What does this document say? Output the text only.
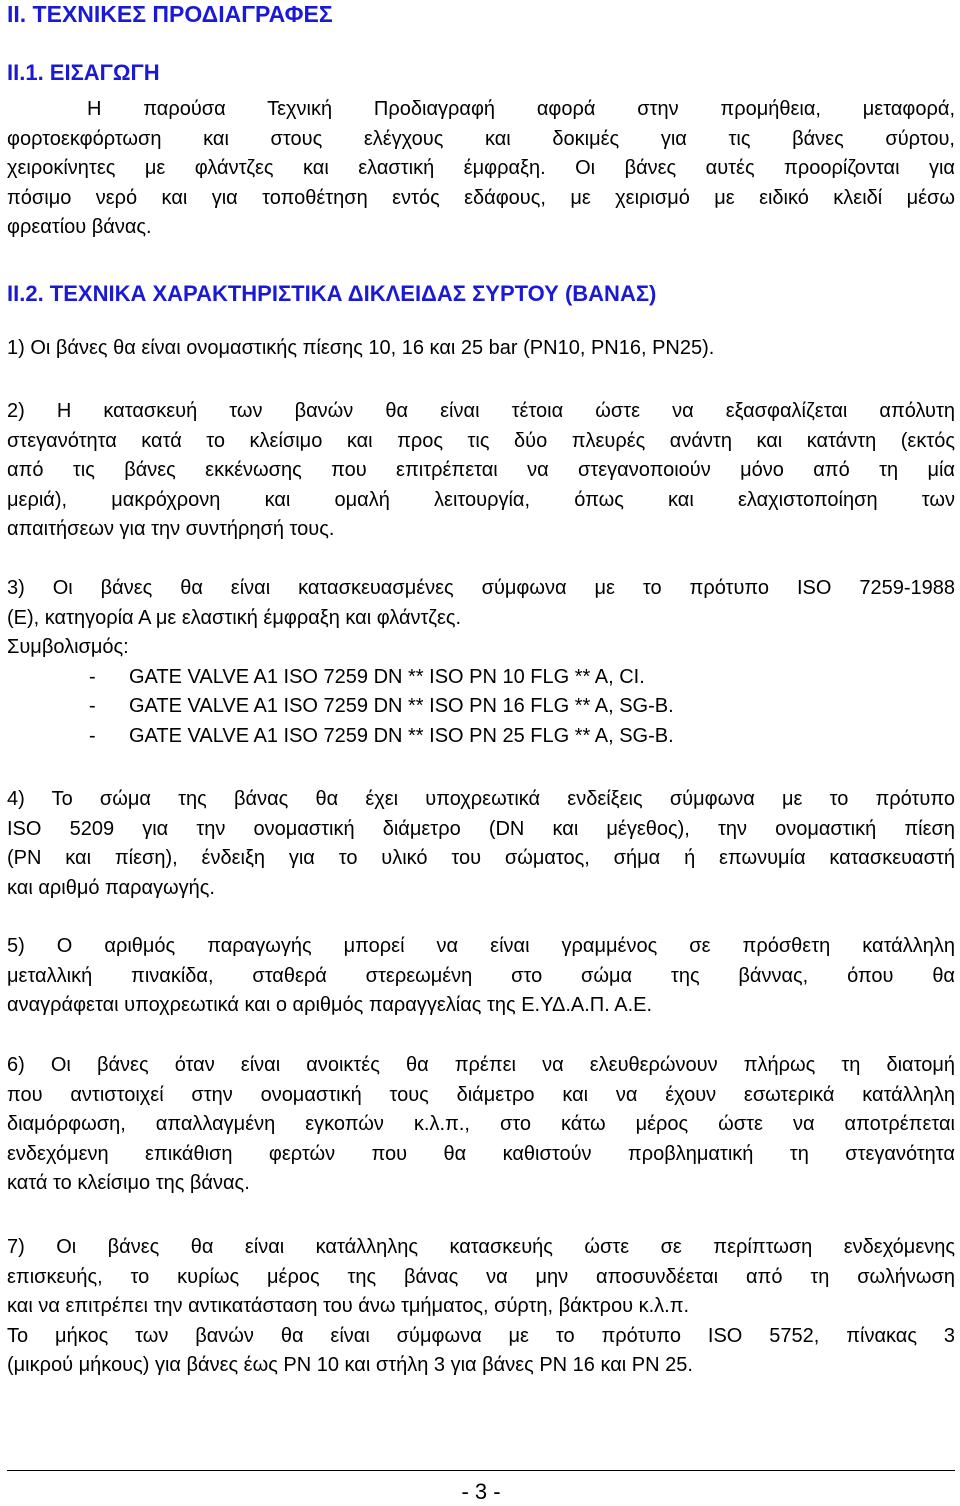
II. ΤΕΧΝΙΚΕΣ ΠΡΟΔΙΑΓΡΑΦΕΣ
II.1. ΕΙΣΑΓΩΓΗ
Η παρούσα Τεχνική Προδιαγραφή αφορά στην προμήθεια, μεταφορά,
φορτοεκφόρτωση και στους ελέγχους και δοκιμές για τις βάνες σύρτου,
χειροκίνητες με φλάντζες και ελαστική έμφραξη. Οι βάνες αυτές προορίζονται για
πόσιμο νερό και για τοποθέτηση εντός εδάφους, με χειρισμό με ειδικό κλειδί μέσω
φρεατίου βάνας.
II.2. ΤΕΧΝΙΚΑ ΧΑΡΑΚΤΗΡΙΣΤΙΚΑ ΔΙΚΛΕΙΔΑΣ ΣΥΡΤΟΥ (ΒΑΝΑΣ)
1) Οι βάνες θα είναι ονομαστικής πίεσης 10, 16 και 25 bar (PN10, PN16, PN25).
2) Η κατασκευή των βανών θα είναι τέτοια ώστε να εξασφαλίζεται απόλυτη
στεγανότητα κατά το κλείσιμο και προς τις δύο πλευρές ανάντη και κατάντη (εκτός
από τις βάνες εκκένωσης που επιτρέπεται να στεγανοποιούν μόνο από τη μία
μεριά), μακρόχρονη και ομαλή λειτουργία, όπως και ελαχιστοποίηση των
απαιτήσεων για την συντήρησή τους.
3) Οι βάνες θα είναι κατασκευασμένες σύμφωνα με το πρότυπο ISO 7259-1988
(E), κατηγορία Α με ελαστική έμφραξη και φλάντζες.
Συμβολισμός:
- GATE VALVE A1 ISO 7259 DN ** ISO PN 10 FLG ** A, CI.
- GATE VALVE A1 ISO 7259 DN ** ISO PN 16 FLG ** A, SG-B.
- GATE VALVE A1 ISO 7259 DN ** ISO PN 25 FLG ** A, SG-B.
4) Το σώμα της βάνας θα έχει υποχρεωτικά ενδείξεις σύμφωνα με το πρότυπο
ISO 5209 για την ονομαστική διάμετρο (DN και μέγεθος), την ονομαστική πίεση
(PN και πίεση), ένδειξη για το υλικό του σώματος, σήμα ή επωνυμία κατασκευαστή
και αριθμό παραγωγής.
5) Ο αριθμός παραγωγής μπορεί να είναι γραμμένος σε πρόσθετη κατάλληλη
μεταλλική πινακίδα, σταθερά στερεωμένη στο σώμα της βάννας, όπου θα
αναγράφεται υποχρεωτικά και ο αριθμός παραγγελίας της Ε.ΥΔ.Α.Π. Α.Ε.
6) Οι βάνες όταν είναι ανοικτές θα πρέπει να ελευθερώνουν πλήρως τη διατομή
που αντιστοιχεί στην ονομαστική τους διάμετρο και να έχουν εσωτερικά κατάλληλη
διαμόρφωση, απαλλαγμένη εγκοπών κ.λ.π., στο κάτω μέρος ώστε να αποτρέπεται
ενδεχόμενη επικάθιση φερτών που θα καθιστούν προβληματική τη στεγανότητα
κατά το κλείσιμο της βάνας.
7) Οι βάνες θα είναι κατάλληλης κατασκευής ώστε σε περίπτωση ενδεχόμενης
επισκευής, το κυρίως μέρος της βάνας να μην αποσυνδέεται από τη σωλήνωση
και να επιτρέπει την αντικατάσταση του άνω τμήματος, σύρτη, βάκτρου κ.λ.π.
Το μήκος των βανών θα είναι σύμφωνα με το πρότυπο ISO 5752, πίνακας 3
(μικρού μήκους) για βάνες έως PN 10 και στήλη 3 για βάνες PN 16 και PN 25.
- 3 -
